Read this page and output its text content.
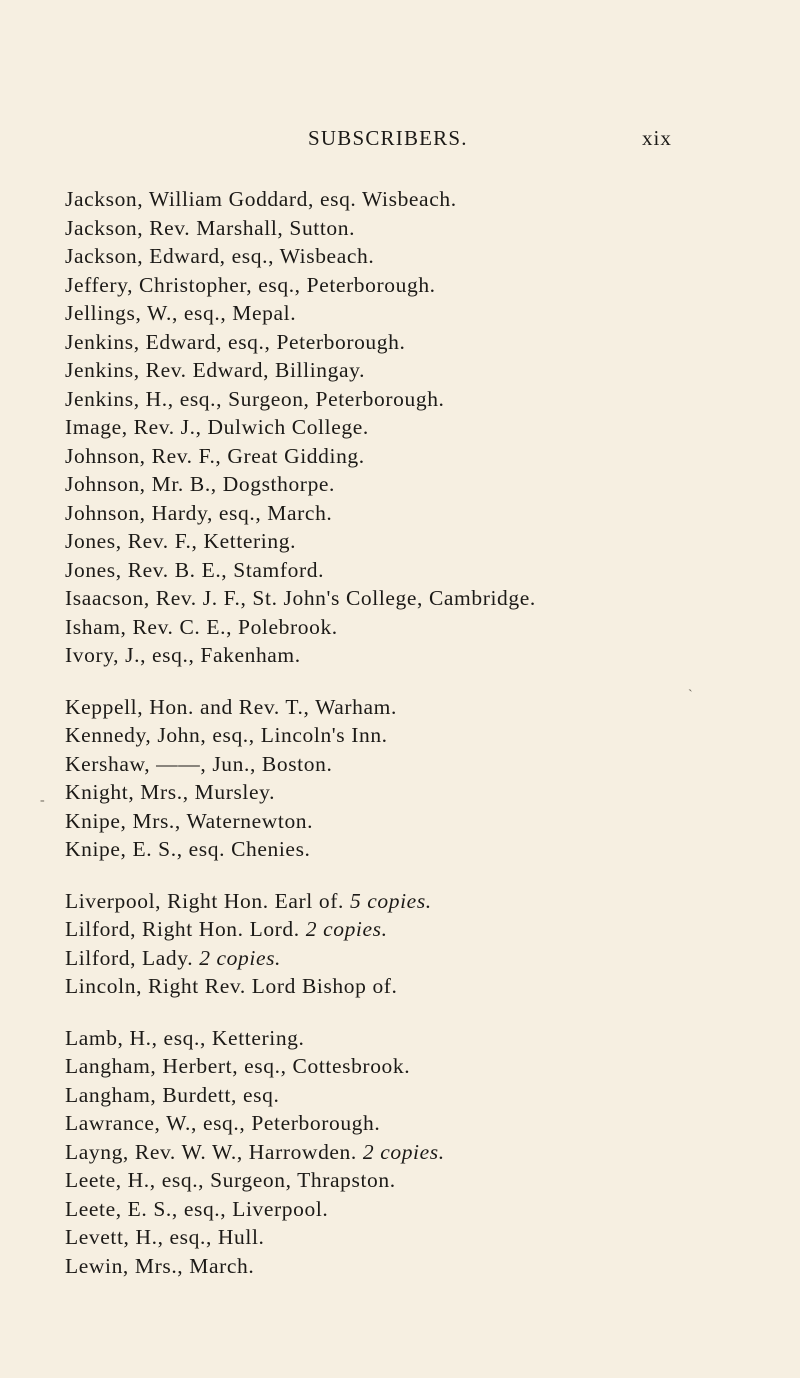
SUBSCRIBERS.	xix
Jackson, William Goddard, esq. Wisbeach.
Jackson, Rev. Marshall, Sutton.
Jackson, Edward, esq., Wisbeach.
Jeffery, Christopher, esq., Peterborough.
Jellings, W., esq., Mepal.
Jenkins, Edward, esq., Peterborough.
Jenkins, Rev. Edward, Billingay.
Jenkins, H., esq., Surgeon, Peterborough.
Image, Rev. J., Dulwich College.
Johnson, Rev. F., Great Gidding.
Johnson, Mr. B., Dogsthorpe.
Johnson, Hardy, esq., March.
Jones, Rev. F., Kettering.
Jones, Rev. B. E., Stamford.
Isaacson, Rev. J. F., St. John's College, Cambridge.
Isham, Rev. C. E., Polebrook.
Ivory, J., esq., Fakenham.
Keppell, Hon. and Rev. T., Warham.
Kennedy, John, esq., Lincoln's Inn.
Kershaw, ——, Jun., Boston.
Knight, Mrs., Mursley.
Knipe, Mrs., Waternewton.
Knipe, E. S., esq. Chenies.
Liverpool, Right Hon. Earl of. 5 copies.
Lilford, Right Hon. Lord. 2 copies.
Lilford, Lady. 2 copies.
Lincoln, Right Rev. Lord Bishop of.
Lamb, H., esq., Kettering.
Langham, Herbert, esq., Cottesbrook.
Langham, Burdett, esq.
Lawrance, W., esq., Peterborough.
Layng, Rev. W. W., Harrowden. 2 copies.
Leete, H., esq., Surgeon, Thrapston.
Leete, E. S., esq., Liverpool.
Levett, H., esq., Hull.
Lewin, Mrs., March.
ˋ
-
